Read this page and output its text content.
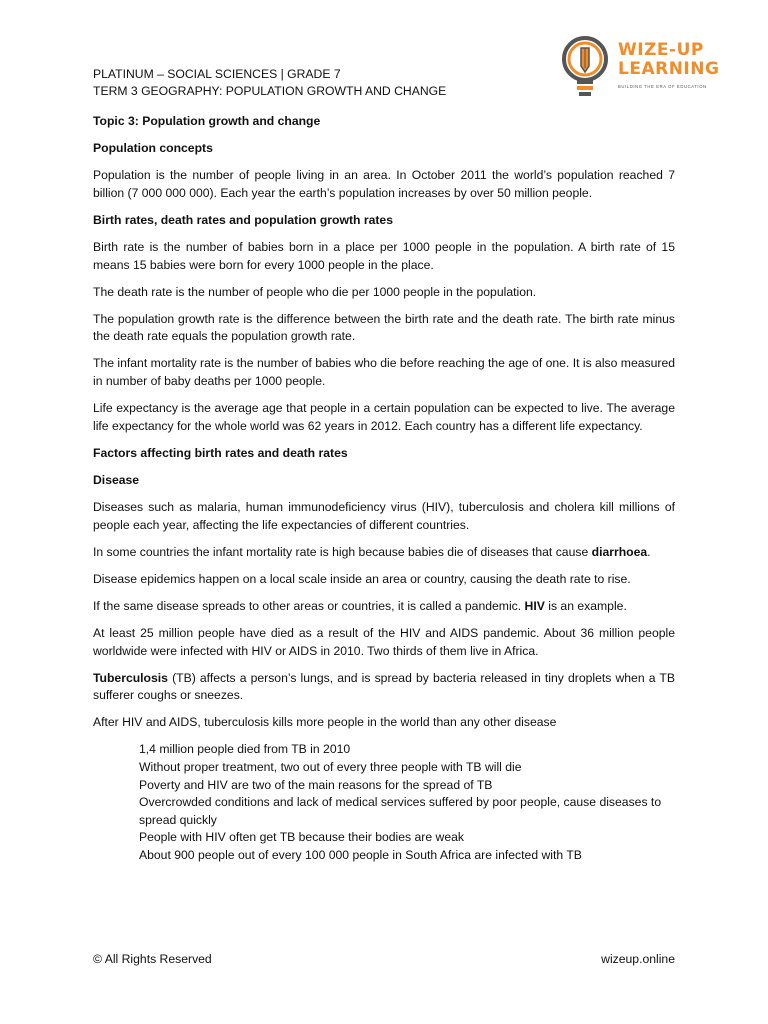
PLATINUM – SOCIAL SCIENCES | GRADE 7
TERM 3 GEOGRAPHY: POPULATION GROWTH AND CHANGE
WIZE-UP
LEARNING
BUILDING THE ERA OF EDUCATION
Topic 3: Population growth and change
Population concepts

Population is the number of people living in an area. In October 2011 the world’s population reached 7 billion (7 000 000 000). Each year the earth’s population increases by over 50 million people.

Birth rates, death rates and population growth rates

Birth rate is the number of babies born in a place per 1000 people in the population. A birth rate of 15 means 15 babies were born for every 1000 people in the place.

The death rate is the number of people who die per 1000 people in the population.

The population growth rate is the difference between the birth rate and the death rate. The birth rate minus the death rate equals the population growth rate.

The infant mortality rate is the number of babies who die before reaching the age of one. It is also measured in number of baby deaths per 1000 people.

Life expectancy is the average age that people in a certain population can be expected to live. The average life expectancy for the whole world was 62 years in 2012. Each country has a different life expectancy.

Factors affecting birth rates and death rates
Disease

Diseases such as malaria, human immunodeficiency virus (HIV), tuberculosis and cholera kill millions of people each year, affecting the life expectancies of different countries.

In some countries the infant mortality rate is high because babies die of diseases that cause diarrhoea.

Disease epidemics happen on a local scale inside an area or country, causing the death rate to rise.

If the same disease spreads to other areas or countries, it is called a pandemic. HIV is an example.

At least 25 million people have died as a result of the HIV and AIDS pandemic. About 36 million people worldwide were infected with HIV or AIDS in 2010. Two thirds of them live in Africa.

Tuberculosis (TB) affects a person’s lungs, and is spread by bacteria released in tiny droplets when a TB sufferer coughs or sneezes.

After HIV and AIDS, tuberculosis kills more people in the world than any other disease

1,4 million people died from TB in 2010
Without proper treatment, two out of every three people with TB will die
Poverty and HIV are two of the main reasons for the spread of TB
Overcrowded conditions and lack of medical services suffered by poor people, cause diseases to spread quickly
People with HIV often get TB because their bodies are weak
About 900 people out of every 100 000 people in South Africa are infected with TB
© All Rights Reserved	wizeup.online
